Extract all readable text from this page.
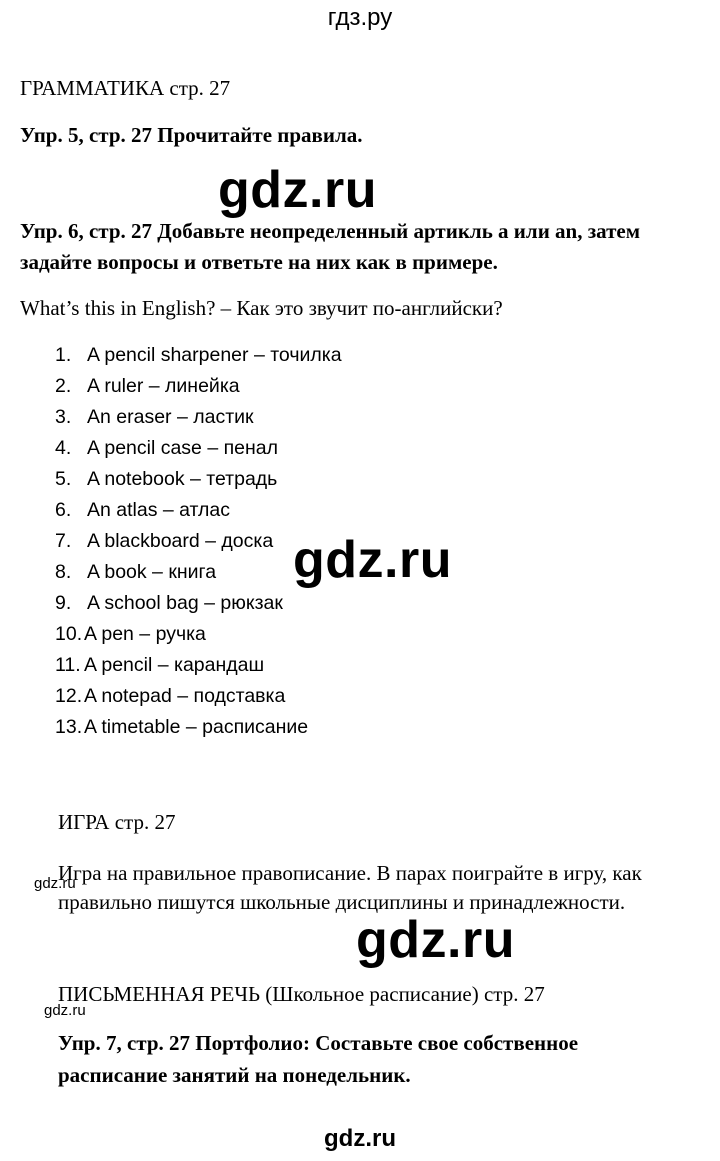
гдз.ру
ГРАММАТИКА стр. 27
Упр. 5, стр. 27 Прочитайте правила.
gdz.ru
Упр. 6, стр. 27 Добавьте неопределенный артикль a или an, затем
задайте вопросы и ответьте на них как в примере.
What’s this in English? – Как это звучит по-английски?
1. A pencil sharpener – точилка
2. A ruler – линейка
3. An eraser – ластик
4. A pencil case – пенал
5. A notebook – тетрадь
6. An atlas – атлас
7. A blackboard – доска
8. A book – книга
9. A school bag – рюкзак
10.A pen – ручка
11. A pencil – карандаш
12.A notepad – подставка
13.A timetable – расписание
gdz.ru
ИГРА стр. 27
Игра на правильное правописание. В парах поиграйте в игру, как
gdz.ru
правильно пишутся школьные дисциплины и принадлежности.
gdz.ru
ПИСЬМЕННАЯ РЕЧЬ (Школьное расписание) стр. 27
gdz.ru
Упр. 7, стр. 27 Портфолио: Составьте свое собственное
расписание занятий на понедельник.
gdz.ru
